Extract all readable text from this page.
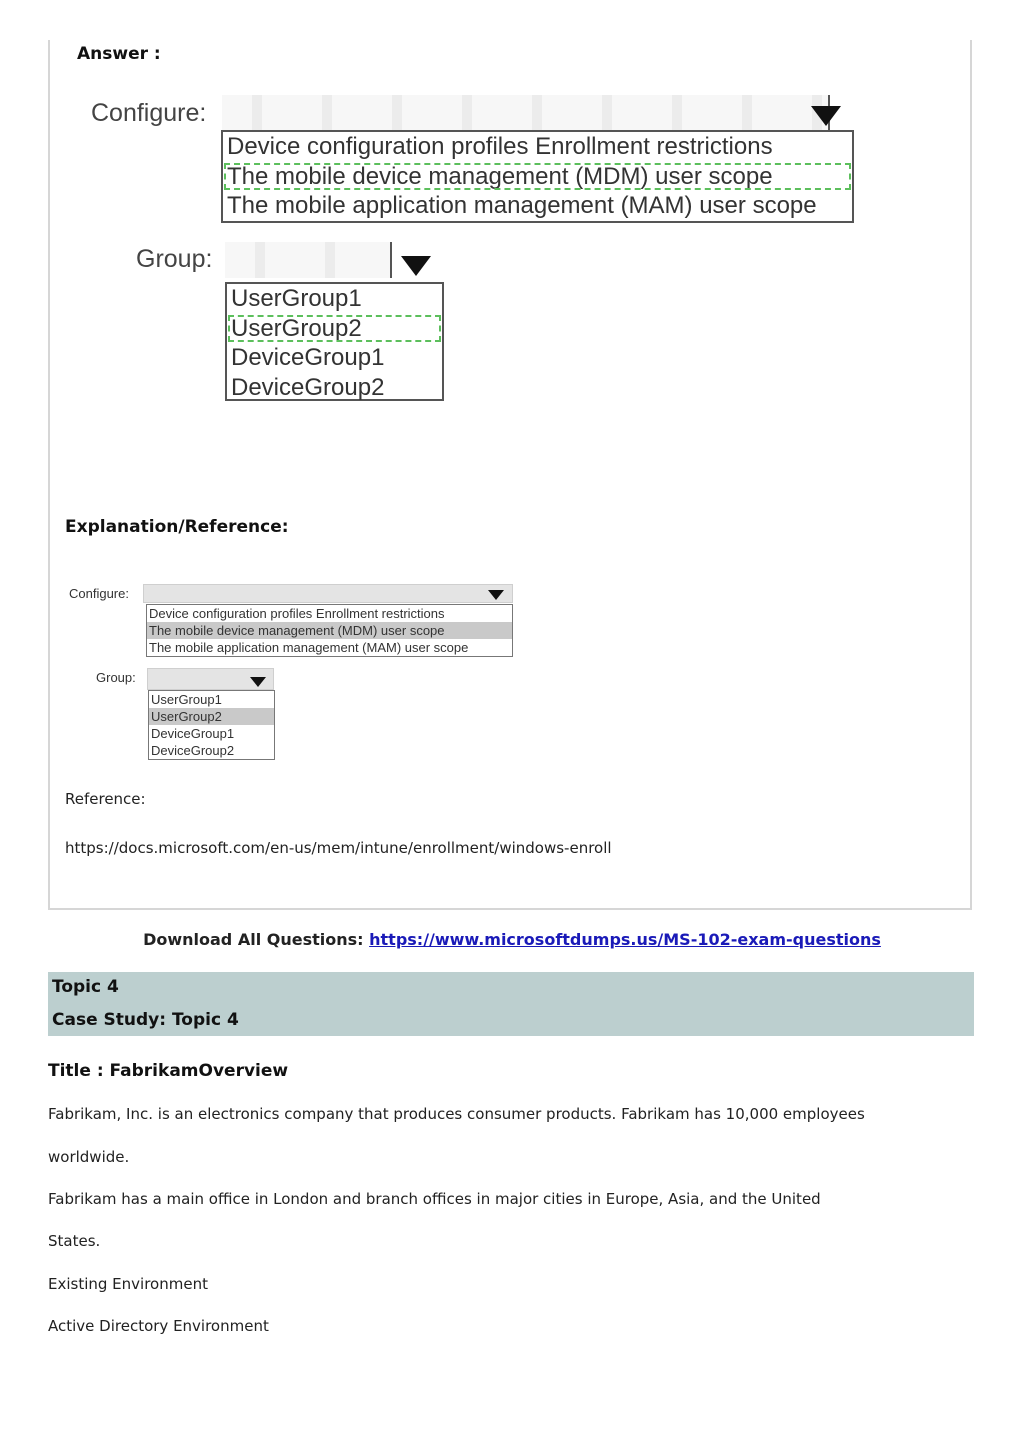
Answer :
Configure:
Device configuration profiles Enrollment restrictions
The mobile device management (MDM) user scope
The mobile application management (MAM) user scope
Group:
UserGroup1
UserGroup2
DeviceGroup1
DeviceGroup2
Explanation/Reference:
Configure:
Device configuration profiles Enrollment restrictions
The mobile device management (MDM) user scope
The mobile application management (MAM) user scope
Group:
UserGroup1
UserGroup2
DeviceGroup1
DeviceGroup2
Reference:
https://docs.microsoft.com/en-us/mem/intune/enrollment/windows-enroll
Download All Questions: https://www.microsoftdumps.us/MS-102-exam-questions
Topic 4
Case Study: Topic 4
Title : FabrikamOverview
Fabrikam, Inc. is an electronics company that produces consumer products. Fabrikam has 10,000 employees
worldwide.
Fabrikam has a main office in London and branch offices in major cities in Europe, Asia, and the United
States.
Existing Environment
Active Directory Environment
